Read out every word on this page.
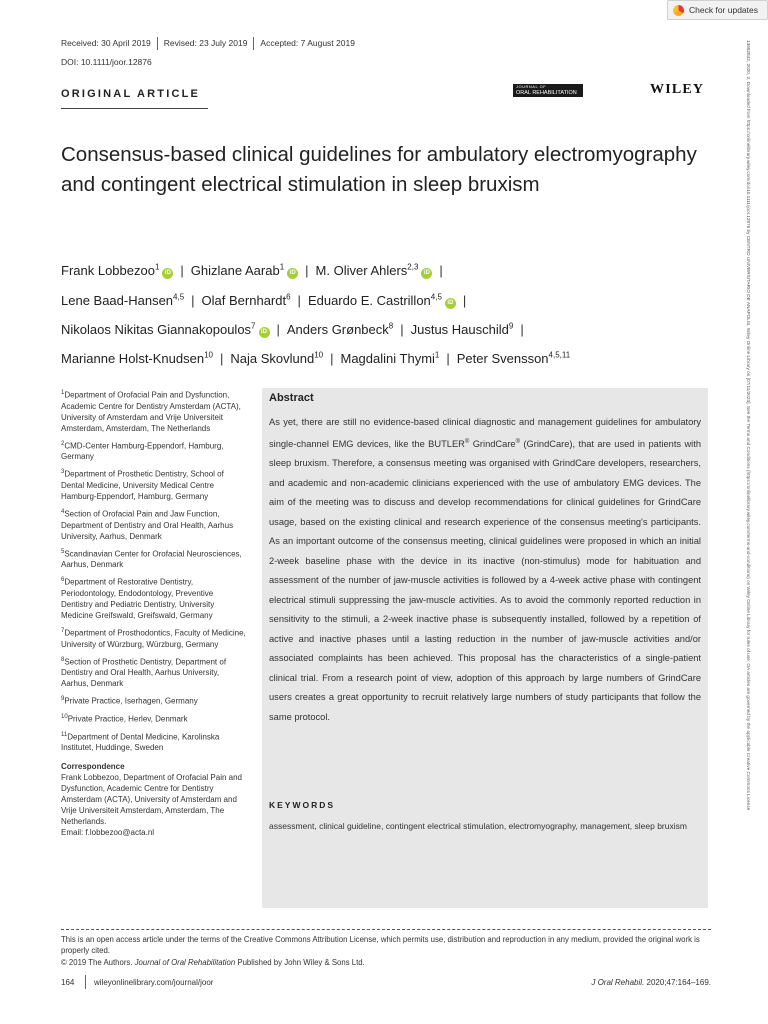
Check for updates
Received: 30 April 2019 Revised: 23 July 2019 Accepted: 7 August 2019
DOI: 10.1111/joor.12876
ORIGINAL ARTICLE
JOURNAL OF
ORAL REHABILITATION	WILEY
Consensus-based clinical guidelines for ambulatory electromyography and contingent electrical stimulation in sleep bruxism
Frank Lobbezoo$^1$iD | Ghizlane Aarab$^1$iD | M. Oliver Ahlers$^{2,3}$iD |
Lene Baad-Hansen$^{4,5}$ | Olaf Bernhardt$^6$ | Eduardo E. Castrillon$^{4,5}$iD |
Nikolaos Nikitas Giannakopoulos$^7$iD | Anders Grønbeck$^8$ | Justus Hauschild$^9$ |
Marianne Holst-Knudsen$^{10}$ | Naja Skovlund$^{10}$ | Magdalini Thymi$^1$ | Peter Svensson$^{4,5,11}$
$^1$Department of Orofacial Pain and Dysfunction, Academic Centre for Dentistry Amsterdam (ACTA), University of Amsterdam and Vrije Universiteit Amsterdam, Amsterdam, The Netherlands
$^2$CMD-Center Hamburg-Eppendorf, Hamburg, Germany
$^3$Department of Prosthetic Dentistry, School of Dental Medicine, University Medical Centre Hamburg-Eppendorf, Hamburg, Germany
$^4$Section of Orofacial Pain and Jaw Function, Department of Dentistry and Oral Health, Aarhus University, Aarhus, Denmark
$^5$Scandinavian Center for Orofacial Neurosciences, Aarhus, Denmark
$^6$Department of Restorative Dentistry, Periodontology, Endodontology, Preventive Dentistry and Pediatric Dentistry, University Medicine Greifswald, Greifswald, Germany
$^7$Department of Prosthodontics, Faculty of Medicine, University of Würzburg, Würzburg, Germany
$^8$Section of Prosthetic Dentistry, Department of Dentistry and Oral Health, Aarhus University, Aarhus, Denmark
$^9$Private Practice, Iserhagen, Germany
$^{10}$Private Practice, Herlev, Denmark
$^{11}$Department of Dental Medicine, Karolinska Institutet, Huddinge, Sweden
Correspondence
Frank Lobbezoo, Department of Orofacial Pain and Dysfunction, Academic Centre for Dentistry Amsterdam (ACTA), University of Amsterdam and Vrije Universiteit Amsterdam, Amsterdam, The Netherlands.
Email: f.lobbezoo@acta.nl
Abstract
As yet, there are still no evidence-based clinical diagnostic and management guidelines for ambulatory single-channel EMG devices, like the BUTLER® GrindCare® (GrindCare), that are used in patients with sleep bruxism. Therefore, a consensus meeting was organised with GrindCare developers, researchers, and academic and non-academic clinicians experienced with the use of ambulatory EMG devices. The aim of the meeting was to discuss and develop recommendations for clinical guidelines for GrindCare usage, based on the existing clinical and research experience of the consensus meeting's participants. As an important outcome of the consensus meeting, clinical guidelines were proposed in which an initial 2-week baseline phase with the device in its inactive (non-stimulus) mode for habituation and assessment of the number of jaw-muscle activities is followed by a 4-week active phase with contingent electrical stimuli suppressing the jaw-muscle activities. As to avoid the commonly reported reduction in sensitivity to the stimuli, a 2-week inactive phase is subsequently installed, followed by a repetition of active and inactive phases until a lasting reduction in the number of jaw-muscle activities and/or associated complaints has been achieved. This proposal has the characteristics of a single-patient clinical trial. From a research point of view, adoption of this approach by large numbers of GrindCare users creates a great opportunity to recruit relatively large numbers of study participants that follow the same protocol.
KEYWORDS
assessment, clinical guideline, contingent electrical stimulation, electromyography, management, sleep bruxism
This is an open access article under the terms of the Creative Commons Attribution License, which permits use, distribution and reproduction in any medium, provided the original work is properly cited.
© 2019 The Authors. Journal of Oral Rehabilitation Published by John Wiley & Sons Ltd.
164 wileyonlinelibrary.com/journal/joor	J Oral Rehabil. 2020;47:164–169.
13652842, 2020, 2, Downloaded from https://onlinelibrary.wiley.com/doi/10.1111/joor.12876 by CENTRO UNIVERSITARIO DE ANAPOLIS, Wiley Online Library on [07/11/2023]. See the Terms and Conditions (https://onlinelibrary.wiley.com/terms-and-conditions) on Wiley Online Library for rules of use; OA articles are governed by the applicable Creative Commons License
